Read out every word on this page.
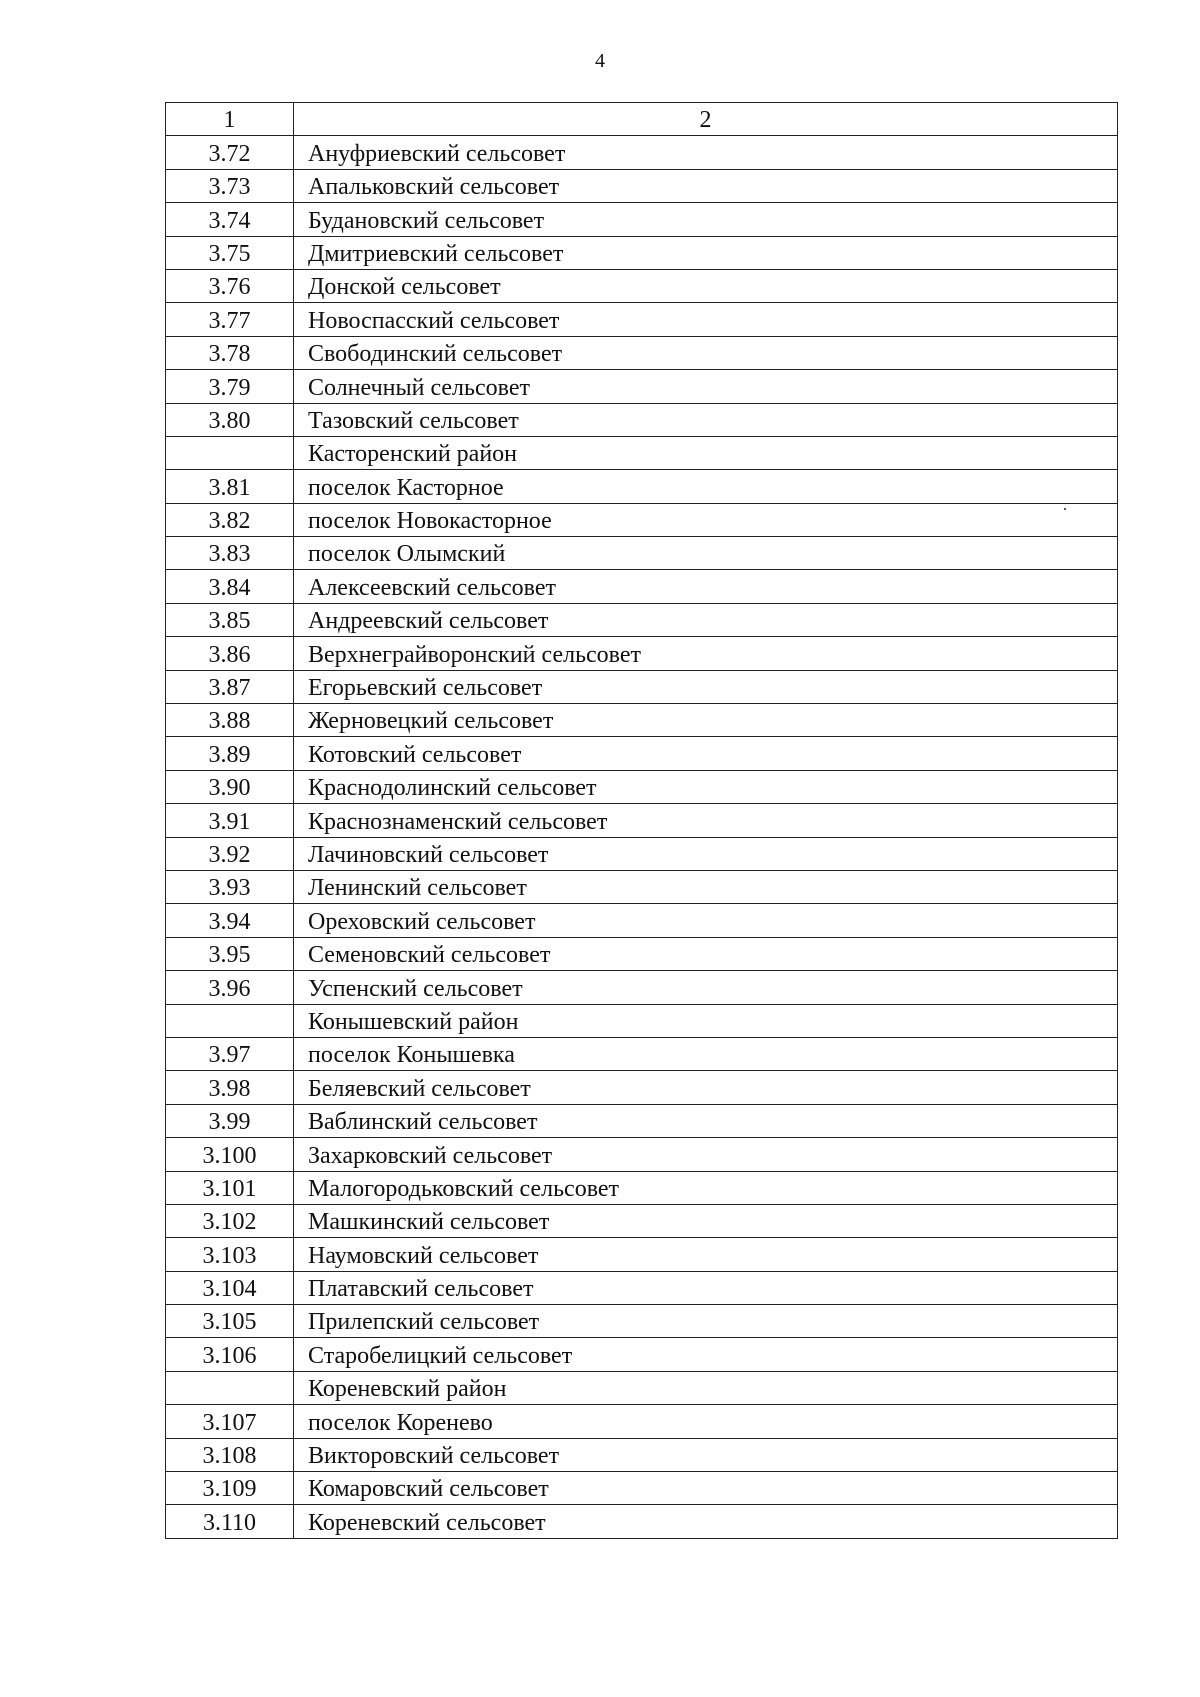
4
1	2
3.72	Ануфриевский сельсовет
3.73	Апальковский сельсовет
3.74	Будановский сельсовет
3.75	Дмитриевский сельсовет
3.76	Донской сельсовет
3.77	Новоспасский сельсовет
3.78	Свободинский сельсовет
3.79	Солнечный сельсовет
3.80	Тазовский сельсовет
	Касторенский район
3.81	поселок Касторное
3.82	поселок Новокасторное
3.83	поселок Олымский
3.84	Алексеевский сельсовет
3.85	Андреевский сельсовет
3.86	Верхнеграйворонский сельсовет
3.87	Егорьевский сельсовет
3.88	Жерновецкий сельсовет
3.89	Котовский сельсовет
3.90	Краснодолинский сельсовет
3.91	Краснознаменский сельсовет
3.92	Лачиновский сельсовет
3.93	Ленинский сельсовет
3.94	Ореховский сельсовет
3.95	Семеновский сельсовет
3.96	Успенский сельсовет
	Конышевский район
3.97	поселок Конышевка
3.98	Беляевский сельсовет
3.99	Ваблинский сельсовет
3.100	Захарковский сельсовет
3.101	Малогородьковский сельсовет
3.102	Машкинский сельсовет
3.103	Наумовский сельсовет
3.104	Платавский сельсовет
3.105	Прилепский сельсовет
3.106	Старобелицкий сельсовет
	Кореневский район
3.107	поселок Коренево
3.108	Викторовский сельсовет
3.109	Комаровский сельсовет
3.110	Кореневский сельсовет
